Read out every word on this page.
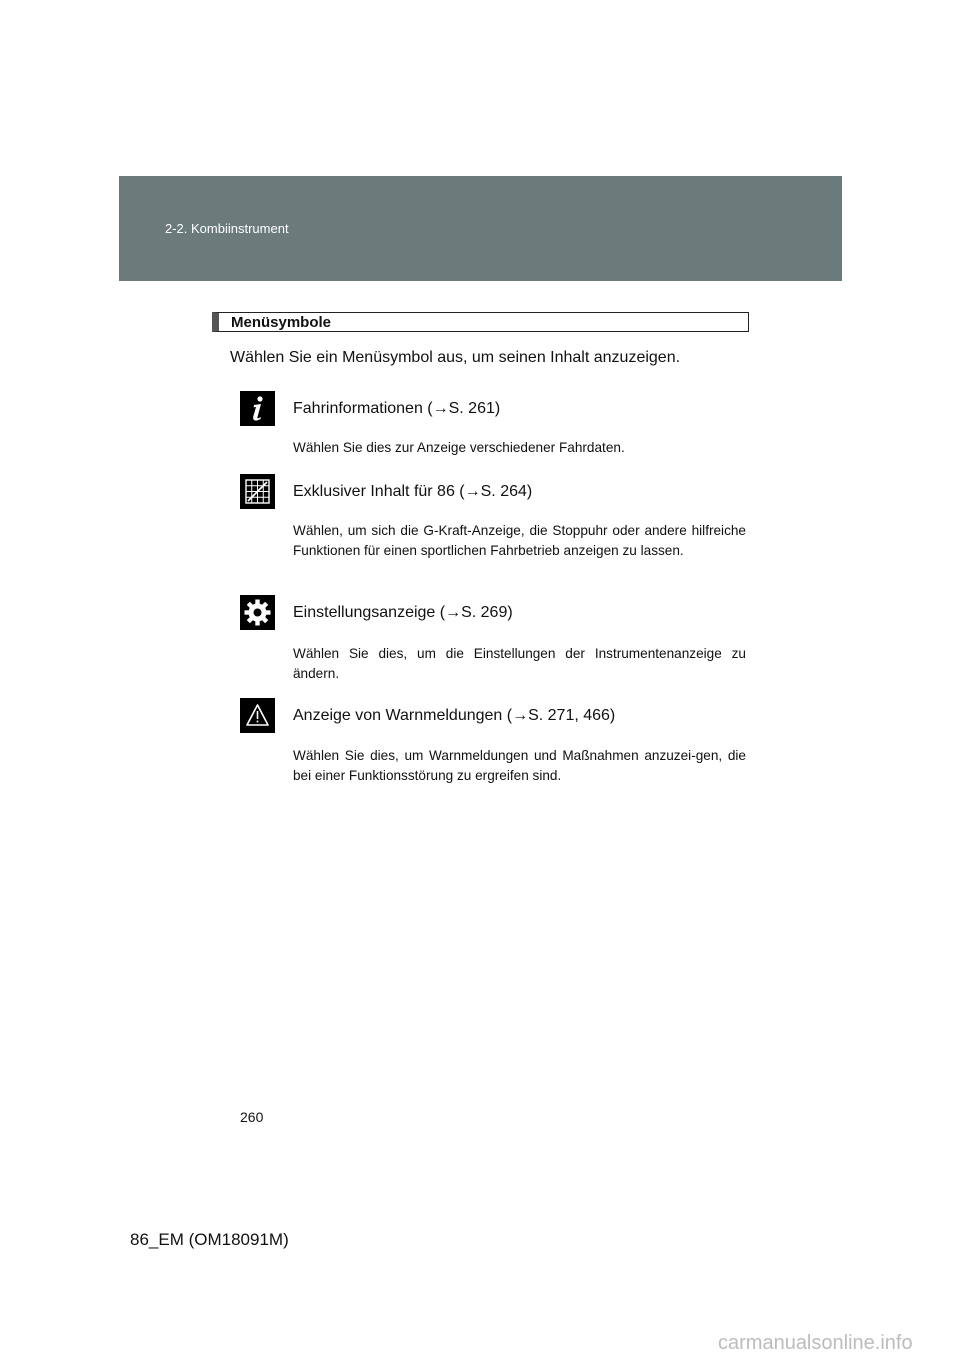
2-2. Kombiinstrument
Menüsymbole
Wählen Sie ein Menüsymbol aus, um seinen Inhalt anzuzeigen.
Fahrinformationen (→S. 261)
Wählen Sie dies zur Anzeige verschiedener Fahrdaten.
Exklusiver Inhalt für 86 (→S. 264)
Wählen, um sich die G-Kraft-Anzeige, die Stoppuhr oder andere hilfreiche Funktionen für einen sportlichen Fahrbetrieb anzeigen zu lassen.
Einstellungsanzeige (→S. 269)
Wählen Sie dies, um die Einstellungen der Instrumentenanzeige zu ändern.
Anzeige von Warnmeldungen (→S. 271, 466)
Wählen Sie dies, um Warnmeldungen und Maßnahmen anzuzei-gen, die bei einer Funktionsstörung zu ergreifen sind.
260
86_EM (OM18091M)
carmanualsonline.info
